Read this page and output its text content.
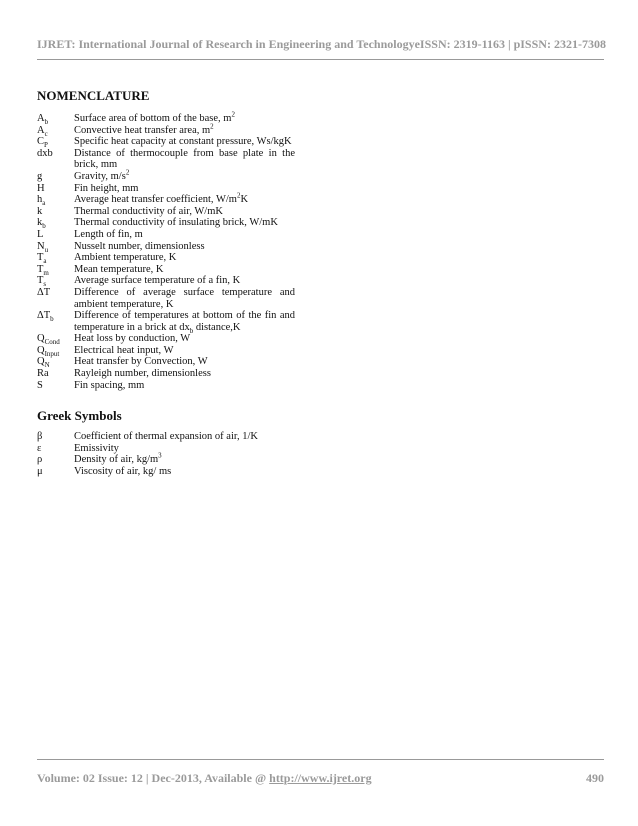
IJRET: International Journal of Research in Engineering and Technology eISSN: 2319-1163 | pISSN: 2321-7308
NOMENCLATURE
$A_b$	Surface area of bottom of the base, $m^2$
$A_c$	Convective heat transfer area, $m^2$
$C_P$	Specific heat capacity at constant pressure, Ws/kgK
dxb	Distance of thermocouple from base plate in the brick, mm
g	Gravity, $m/s^2$
H	Fin height, mm
$h_a$	Average heat transfer coefficient, $W/m^2K$
k	Thermal conductivity of air, W/mK
$k_b$	Thermal conductivity of insulating brick, W/mK
L	Length of fin, m
$N_u$	Nusselt number, dimensionless
$T_a$	Ambient temperature, K
$T_m$	Mean temperature, K
$T_s$	Average surface temperature of a fin, K
ΔT	Difference of average surface temperature and ambient temperature, K
$\Delta T_b$	Difference of temperatures at bottom of the fin and temperature in a brick at $dx_b$ distance,K
$Q_{Cond}$	Heat loss by conduction, W
$Q_{Input}$	Electrical heat input, W
$Q_N$	Heat transfer by Convection, W
Ra	Rayleigh number, dimensionless
S	Fin spacing, mm
Greek Symbols
β	Coefficient of thermal expansion of air, 1/K
ε	Emissivity
ρ	Density of air, $kg/m^3$
μ	Viscosity of air, kg/ ms
Volume: 02 Issue: 12 | Dec-2013, Available @ http://www.ijret.org	490
